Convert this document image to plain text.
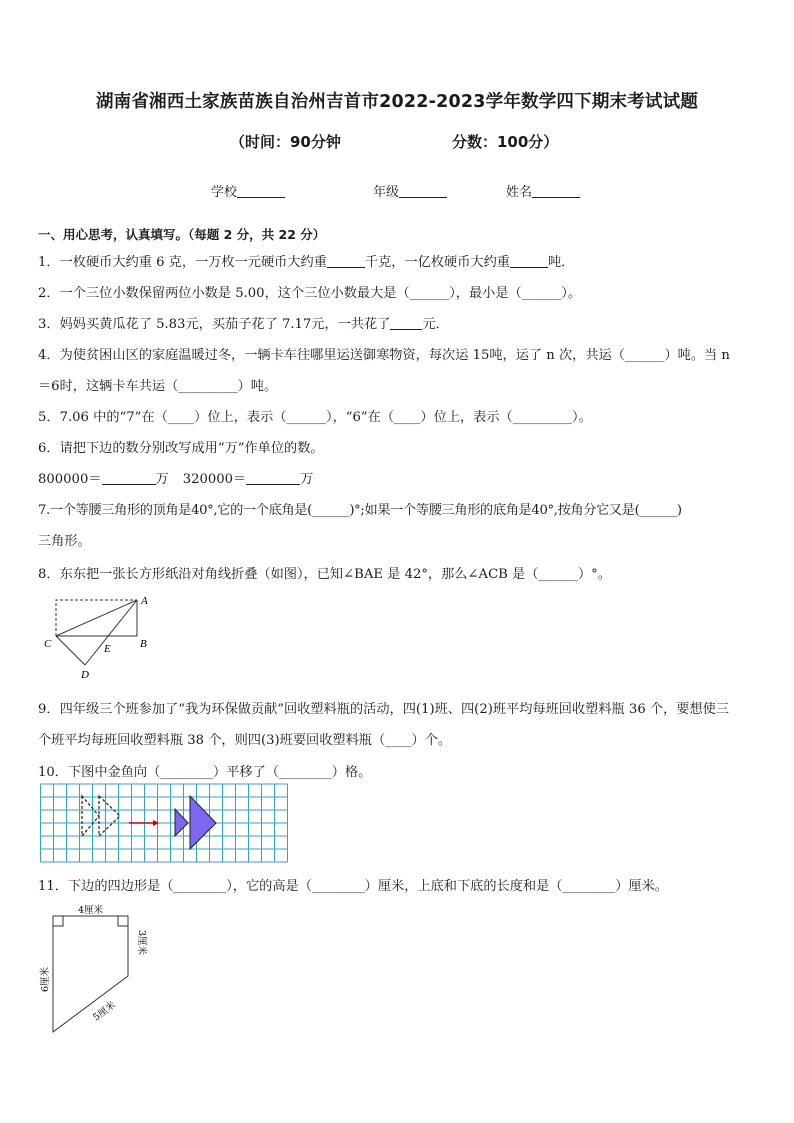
湖南省湘西土家族苗族自治州吉首市2022-2023学年数学四下期末考试试题
（时间：90分钟	分数：100分）
学校	年级	姓名
一、用心思考，认真填写。（每题 2 分，共 22 分）
1．一枚硬币大约重 6 克，一万枚一元硬币大约重	千克，一亿枚硬币大约重	吨．
2．一个三位小数保留两位小数是 5.00，这个三位小数最大是（______），最小是（______）。
3．妈妈买黄瓜花了 5.83元，买茄子花了 7.17元，一共花了 元．
4．为使贫困山区的家庭温暖过冬，一辆卡车往哪里运送御寒物资，每次运 15吨，运了 n 次，共运（______）吨。当 n
＝6时，这辆卡车共运（_________）吨。
5．7.06 中的“7”在（____）位上，表示（______），“6”在（____）位上，表示（_________）。
6．请把下边的数分别改写成用“万”作单位的数。
800000＝	万 320000＝	万
7.一个等腰三角形的顶角是40°,它的一个底角是(______)°;如果一个等腰三角形的底角是40°,按角分它又是(______)
三角形。
8．东东把一张长方形纸沿对角线折叠（如图），已知∠BAE 是 42°，那么∠ACB 是（______）°。
A
B
C
D
E
9．四年级三个班参加了“我为环保做贡献”回收塑料瓶的活动，四(1)班、四(2)班平均每班回收塑料瓶 36 个，要想使三
个班平均每班回收塑料瓶 38 个，则四(3)班要回收塑料瓶（____）个。
10．下图中金鱼向（________）平移了（________）格。
11．下边的四边形是（________），它的高是（________）厘米，上底和下底的长度和是（________）厘米。
4厘米
3厘米
6厘米
5厘米
